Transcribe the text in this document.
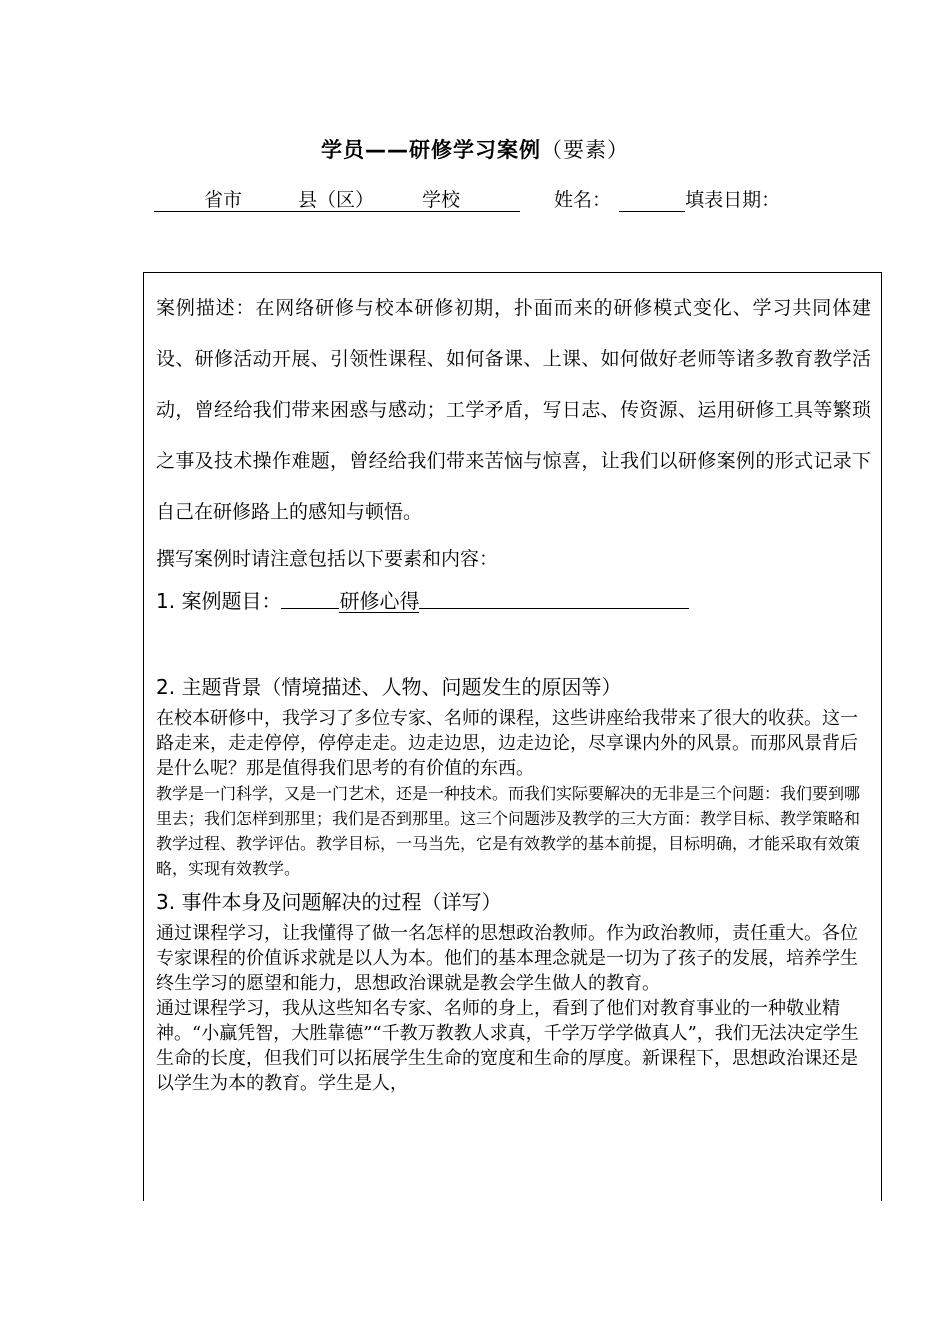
学员——研修学习案例（要素）
省市	县（区）	学校	姓名：	填表日期：

案例描述：在网络研修与校本研修初期，扑面而来的研修模式变化、学习共同体建设、研修活动开展、引领性课程、如何备课、上课、如何做好老师等诸多教育教学活动，曾经给我们带来困惑与感动；工学矛盾，写日志、传资源、运用研修工具等繁琐之事及技术操作难题，曾经给我们带来苦恼与惊喜，让我们以研修案例的形式记录下自己在研修路上的感知与顿悟。

撰写案例时请注意包括以下要素和内容：

1. 案例题目：	研修心得

2. 主题背景（情境描述、人物、问题发生的原因等）

在校本研修中，我学习了多位专家、名师的课程，这些讲座给我带来了很大的收获。这一路走来，走走停停，停停走走。边走边思，边走边论，尽享课内外的风景。而那风景背后是什么呢？那是值得我们思考的有价值的东西。

教学是一门科学，又是一门艺术，还是一种技术。而我们实际要解决的无非是三个问题：我们要到哪里去；我们怎样到那里；我们是否到那里。这三个问题涉及教学的三大方面：教学目标、教学策略和教学过程、教学评估。教学目标，一马当先，它是有效教学的基本前提，目标明确，才能采取有效策略，实现有效教学。

3. 事件本身及问题解决的过程（详写）

通过课程学习，让我懂得了做一名怎样的思想政治教师。作为政治教师，责任重大。各位专家课程的价值诉求就是以人为本。他们的基本理念就是一切为了孩子的发展，培养学生终生学习的愿望和能力，思想政治课就是教会学生做人的教育。

通过课程学习，我从这些知名专家、名师的身上，看到了他们对教育事业的一种敬业精神。“小赢凭智，大胜靠德”“千教万教教人求真，千学万学学做真人”，我们无法决定学生生命的长度，但我们可以拓展学生生命的宽度和生命的厚度。新课程下，思想政治课还是以学生为本的教育。学生是人，
